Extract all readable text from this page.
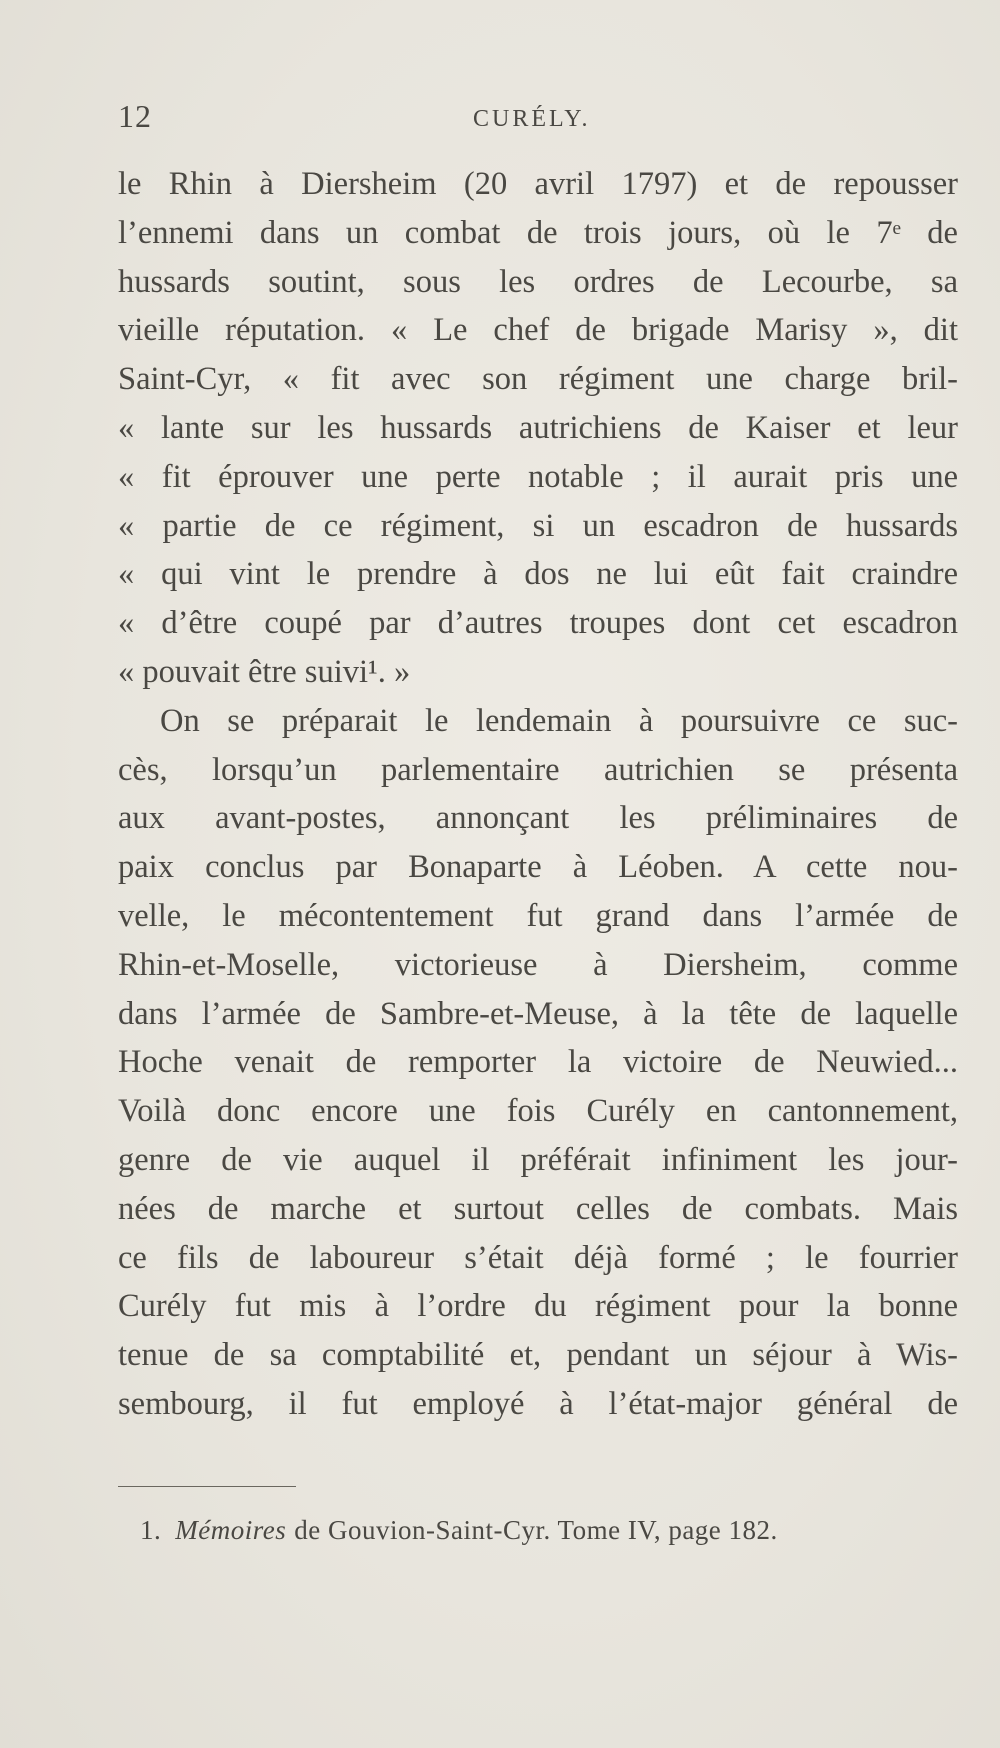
12	CURÉLY.
le Rhin à Diersheim (20 avril 1797) et de repousser
l’ennemi dans un combat de trois jours, où le 7ᵉ de
hussards soutint, sous les ordres de Lecourbe, sa
vieille réputation. « Le chef de brigade Marisy », dit
Saint-Cyr, « fit avec son régiment une charge bril-
« lante sur les hussards autrichiens de Kaiser et leur
« fit éprouver une perte notable ; il aurait pris une
« partie de ce régiment, si un escadron de hussards
« qui vint le prendre à dos ne lui eût fait craindre
« d’être coupé par d’autres troupes dont cet escadron
« pouvait être suivi¹. »
On se préparait le lendemain à poursuivre ce suc-
cès, lorsqu’un parlementaire autrichien se présenta
aux avant-postes, annonçant les préliminaires de
paix conclus par Bonaparte à Léoben. A cette nou-
velle, le mécontentement fut grand dans l’armée de
Rhin-et-Moselle, victorieuse à Diersheim, comme
dans l’armée de Sambre-et-Meuse, à la tête de laquelle
Hoche venait de remporter la victoire de Neuwied...
Voilà donc encore une fois Curély en cantonnement,
genre de vie auquel il préférait infiniment les jour-
nées de marche et surtout celles de combats. Mais
ce fils de laboureur s’était déjà formé ; le fourrier
Curély fut mis à l’ordre du régiment pour la bonne
tenue de sa comptabilité et, pendant un séjour à Wis-
sembourg, il fut employé à l’état-major général de
1. Mémoires de Gouvion-Saint-Cyr. Tome IV, page 182.
